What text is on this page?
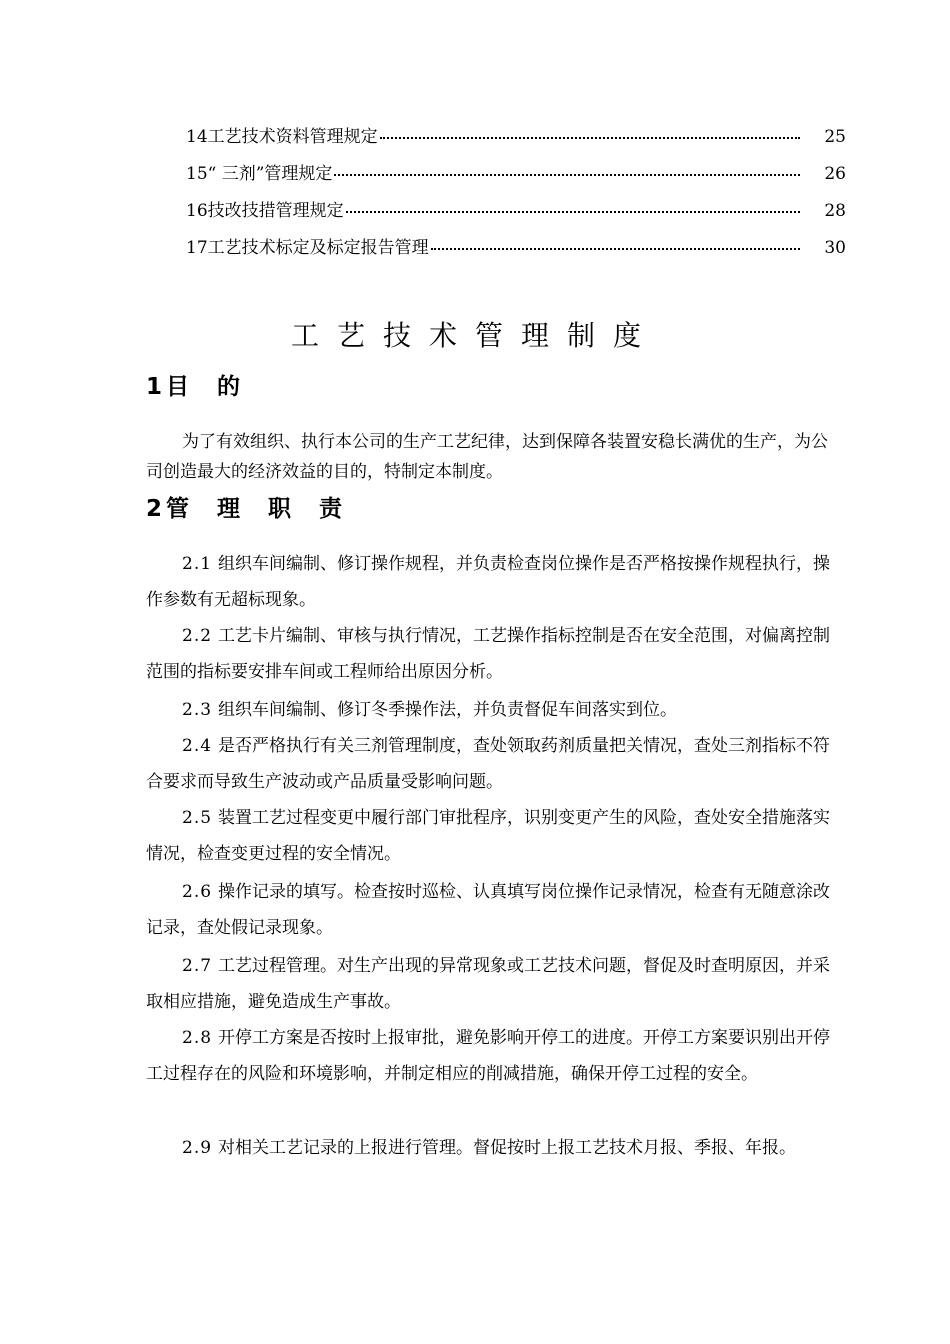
14工艺技术资料管理规定	25
15“ 三剂”管理规定	26
16技改技措管理规定	28
17工艺技术标定及标定报告管理	30
工艺技术管理制度
1目 的

为了有效组织、执行本公司的生产工艺纪律，达到保障各装置安稳长满优的生产，为公司创造最大的经济效益的目的，特制定本制度。

2管 理 职 责

2.1 组织车间编制、修订操作规程，并负责检查岗位操作是否严格按操作规程执行，操作参数有无超标现象。

2.2 工艺卡片编制、审核与执行情况，工艺操作指标控制是否在安全范围，对偏离控制范围的指标要安排车间或工程师给出原因分析。

2.3 组织车间编制、修订冬季操作法，并负责督促车间落实到位。

2.4 是否严格执行有关三剂管理制度，查处领取药剂质量把关情况，查处三剂指标不符合要求而导致生产波动或产品质量受影响问题。

2.5 装置工艺过程变更中履行部门审批程序，识别变更产生的风险，查处安全措施落实情况，检查变更过程的安全情况。

2.6 操作记录的填写。检查按时巡检、认真填写岗位操作记录情况，检查有无随意涂改记录，查处假记录现象。

2.7 工艺过程管理。对生产出现的异常现象或工艺技术问题，督促及时查明原因，并采取相应措施，避免造成生产事故。

2.8 开停工方案是否按时上报审批，避免影响开停工的进度。开停工方案要识别出开停工过程存在的风险和环境影响，并制定相应的削减措施，确保开停工过程的安全。

2.9 对相关工艺记录的上报进行管理。督促按时上报工艺技术月报、季报、年报。
